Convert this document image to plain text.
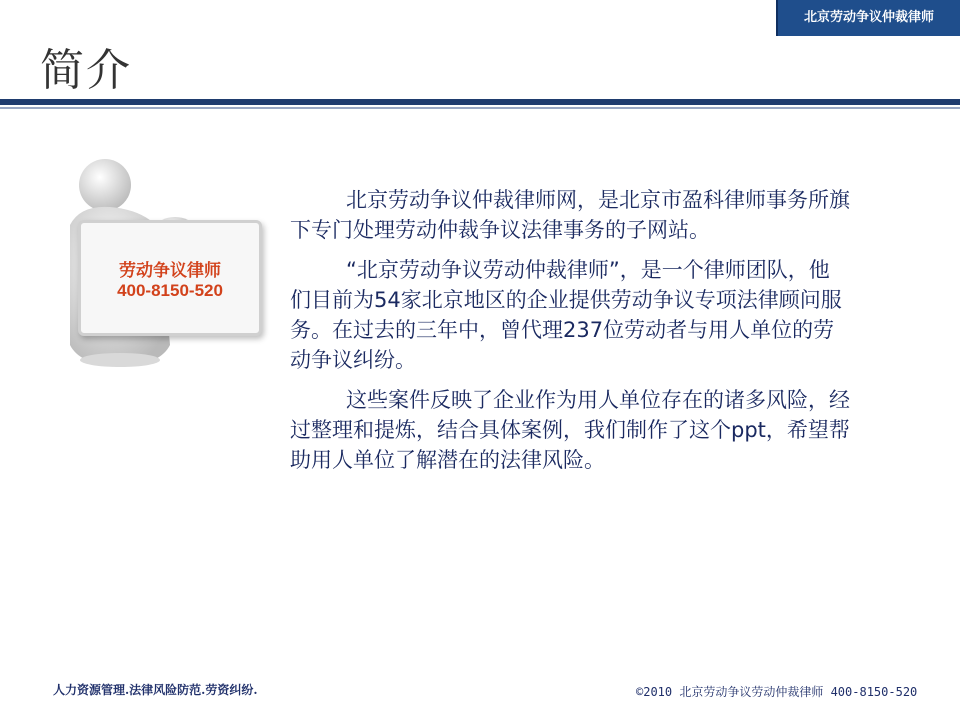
北京劳动争议仲裁律师
简介
劳动争议律师
400-8150-520

北京劳动争议仲裁律师网，是北京市盈科律师事务所旗下专门处理劳动仲裁争议法律事务的子网站。

“北京劳动争议劳动仲裁律师”，是一个律师团队，他们目前为54家北京地区的企业提供劳动争议专项法律顾问服务。在过去的三年中，曾代理237位劳动者与用人单位的劳动争议纠纷。

这些案件反映了企业作为用人单位存在的诸多风险，经过整理和提炼，结合具体案例，我们制作了这个ppt，希望帮助用人单位了解潜在的法律风险。

人力资源管理.法律风险防范.劳资纠纷.	©2010 北京劳动争议劳动仲裁律师 400-8150-520
